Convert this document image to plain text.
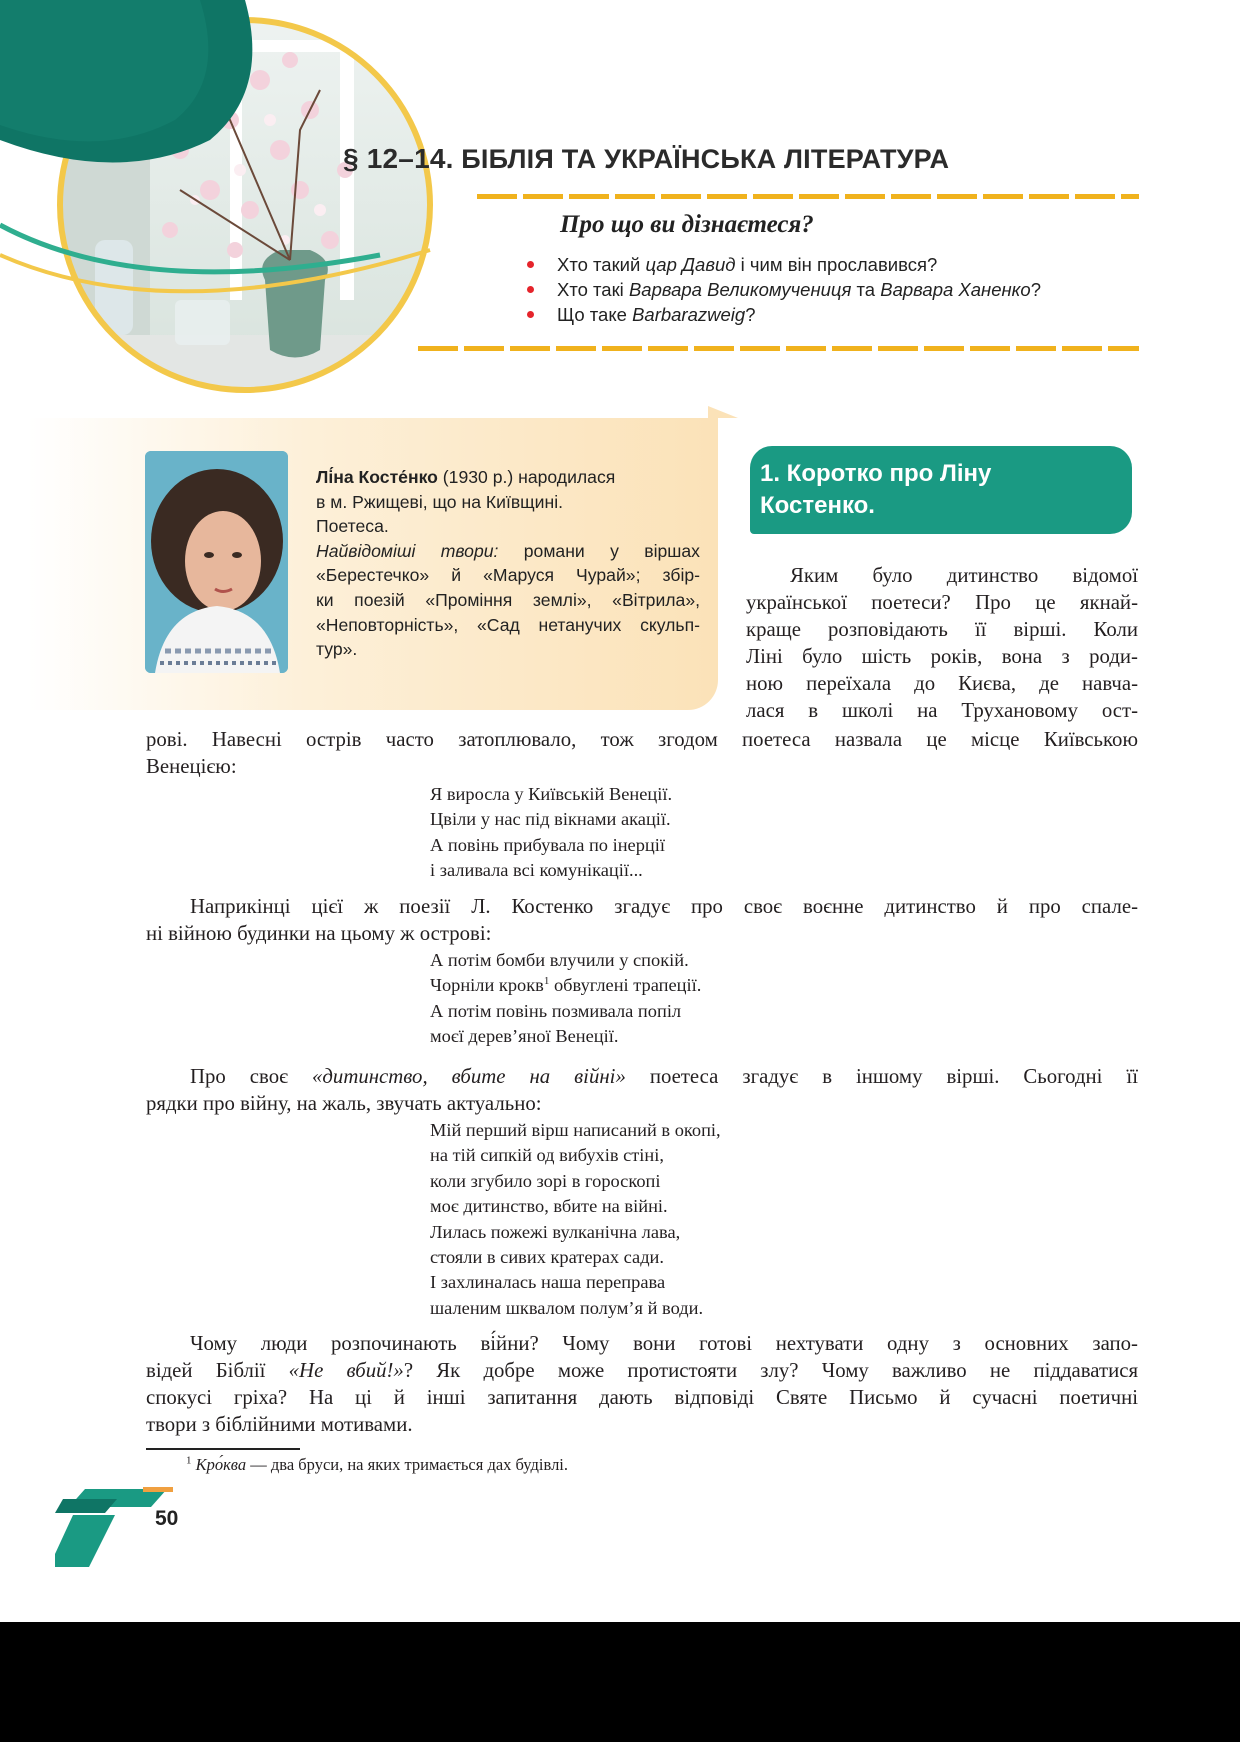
§ 12–14. БІБЛІЯ ТА УКРАЇНСЬКА ЛІТЕРАТУРА
Про що ви дізнаєтеся?
Хто такий цар Давид і чим він прославився?
Хто такі Варвара Великомучениця та Варвара Ханенко?
Що таке Barbarazweig?
Лі́на Косте́нко (1930 р.) народилася
в м. Ржищеві, що на Київщині.
Поетеса.
Найвідоміші твори: романи у віршах
«Берестечко» й «Маруся Чурай»; збір-
ки поезій «Проміння землі», «Вітрила»,
«Неповторність», «Сад нетанучих скульп-
тур».
1. Коротко про Ліну
Костенко.
Яким було дитинство відомої
української поетеси? Про це якнай-
краще розповідають її вірші. Коли
Ліні було шість років, вона з роди-
ною переїхала до Києва, де навча-
лася в школі на Трухановому ост-
рові. Навесні острів часто затоплювало, тож згодом поетеса назвала це місце Київською
Венецією:
Я виросла у Київській Венеції.
Цвіли у нас під вікнами акації.
А повінь прибувала по інерції
і заливала всі комунікації...
Наприкінці цієї ж поезії Л. Костенко згадує про своє воєнне дитинство й про спале-
ні війною будинки на цьому ж острові:
А потім бомби влучили у спокій.
Чорніли крокв$^1$ обвуглені трапеції.
А потім повінь позмивала попіл
моєї дерев’яної Венеції.
Про своє «дитинство, вбите на війні» поетеса згадує в іншому вірші. Сьогодні її
рядки про війну, на жаль, звучать актуально:
Мій перший вірш написаний в окопі,
на тій сипкій од вибухів стіні,
коли згубило зорі в гороскопі
моє дитинство, вбите на війні.
Лилась пожежі вулканічна лава,
стояли в сивих кратерах сади.
І захлиналась наша переправа
шаленим шквалом полум’я й води.
Чому люди розпочинають ві́йни? Чому вони готові нехтувати одну з основних запо-
відей Біблії «Не вбий!»? Як добре може протистояти злу? Чому важливо не піддаватися
спокусі гріха? На ці й інші запитання дають відповіді Святе Письмо й сучасні поетичні
твори з біблійними мотивами.
$^1$ Кро́ква — два бруси, на яких тримається дах будівлі.
50
